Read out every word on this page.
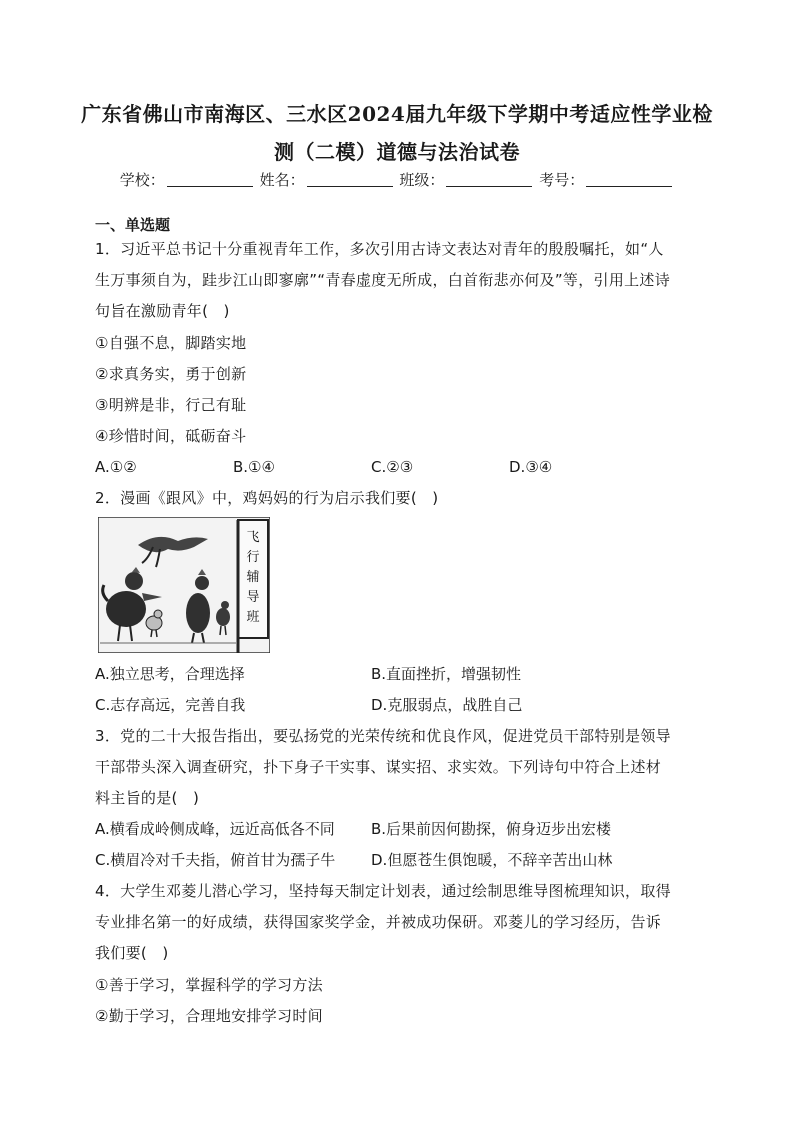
广东省佛山市南海区、三水区2024届九年级下学期中考适应性学业检
测（二模）道德与法治试卷
学校：	姓名：	班级：	考号：
一、单选题
1．习近平总书记十分重视青年工作，多次引用古诗文表达对青年的殷殷嘱托，如“人
生万事须自为，跬步江山即寥廓”“青春虚度无所成，白首衔悲亦何及”等，引用上述诗
句旨在激励青年(　)
①自强不息，脚踏实地
②求真务实，勇于创新
③明辨是非，行己有耻
④珍惜时间，砥砺奋斗
A.①②	B.①④	C.②③	D.③④
2．漫画《跟风》中，鸡妈妈的行为启示我们要(　)
飞
行
辅
导
班
A.独立思考，合理选择	B.直面挫折，增强韧性
C.志存高远，完善自我	D.克服弱点，战胜自己
3．党的二十大报告指出，要弘扬党的光荣传统和优良作风，促进党员干部特别是领导
干部带头深入调查研究，扑下身子干实事、谋实招、求实效。下列诗句中符合上述材
料主旨的是(　)
A.横看成岭侧成峰，远近高低各不同 B.后果前因何勘探，俯身迈步出宏楼
C.横眉冷对千夫指，俯首甘为孺子牛 D.但愿苍生俱饱暖，不辞辛苦出山林
4．大学生邓菱儿潜心学习，坚持每天制定计划表，通过绘制思维导图梳理知识，取得
专业排名第一的好成绩，获得国家奖学金，并被成功保研。邓菱儿的学习经历，告诉
我们要(　)
①善于学习，掌握科学的学习方法
②勤于学习，合理地安排学习时间
